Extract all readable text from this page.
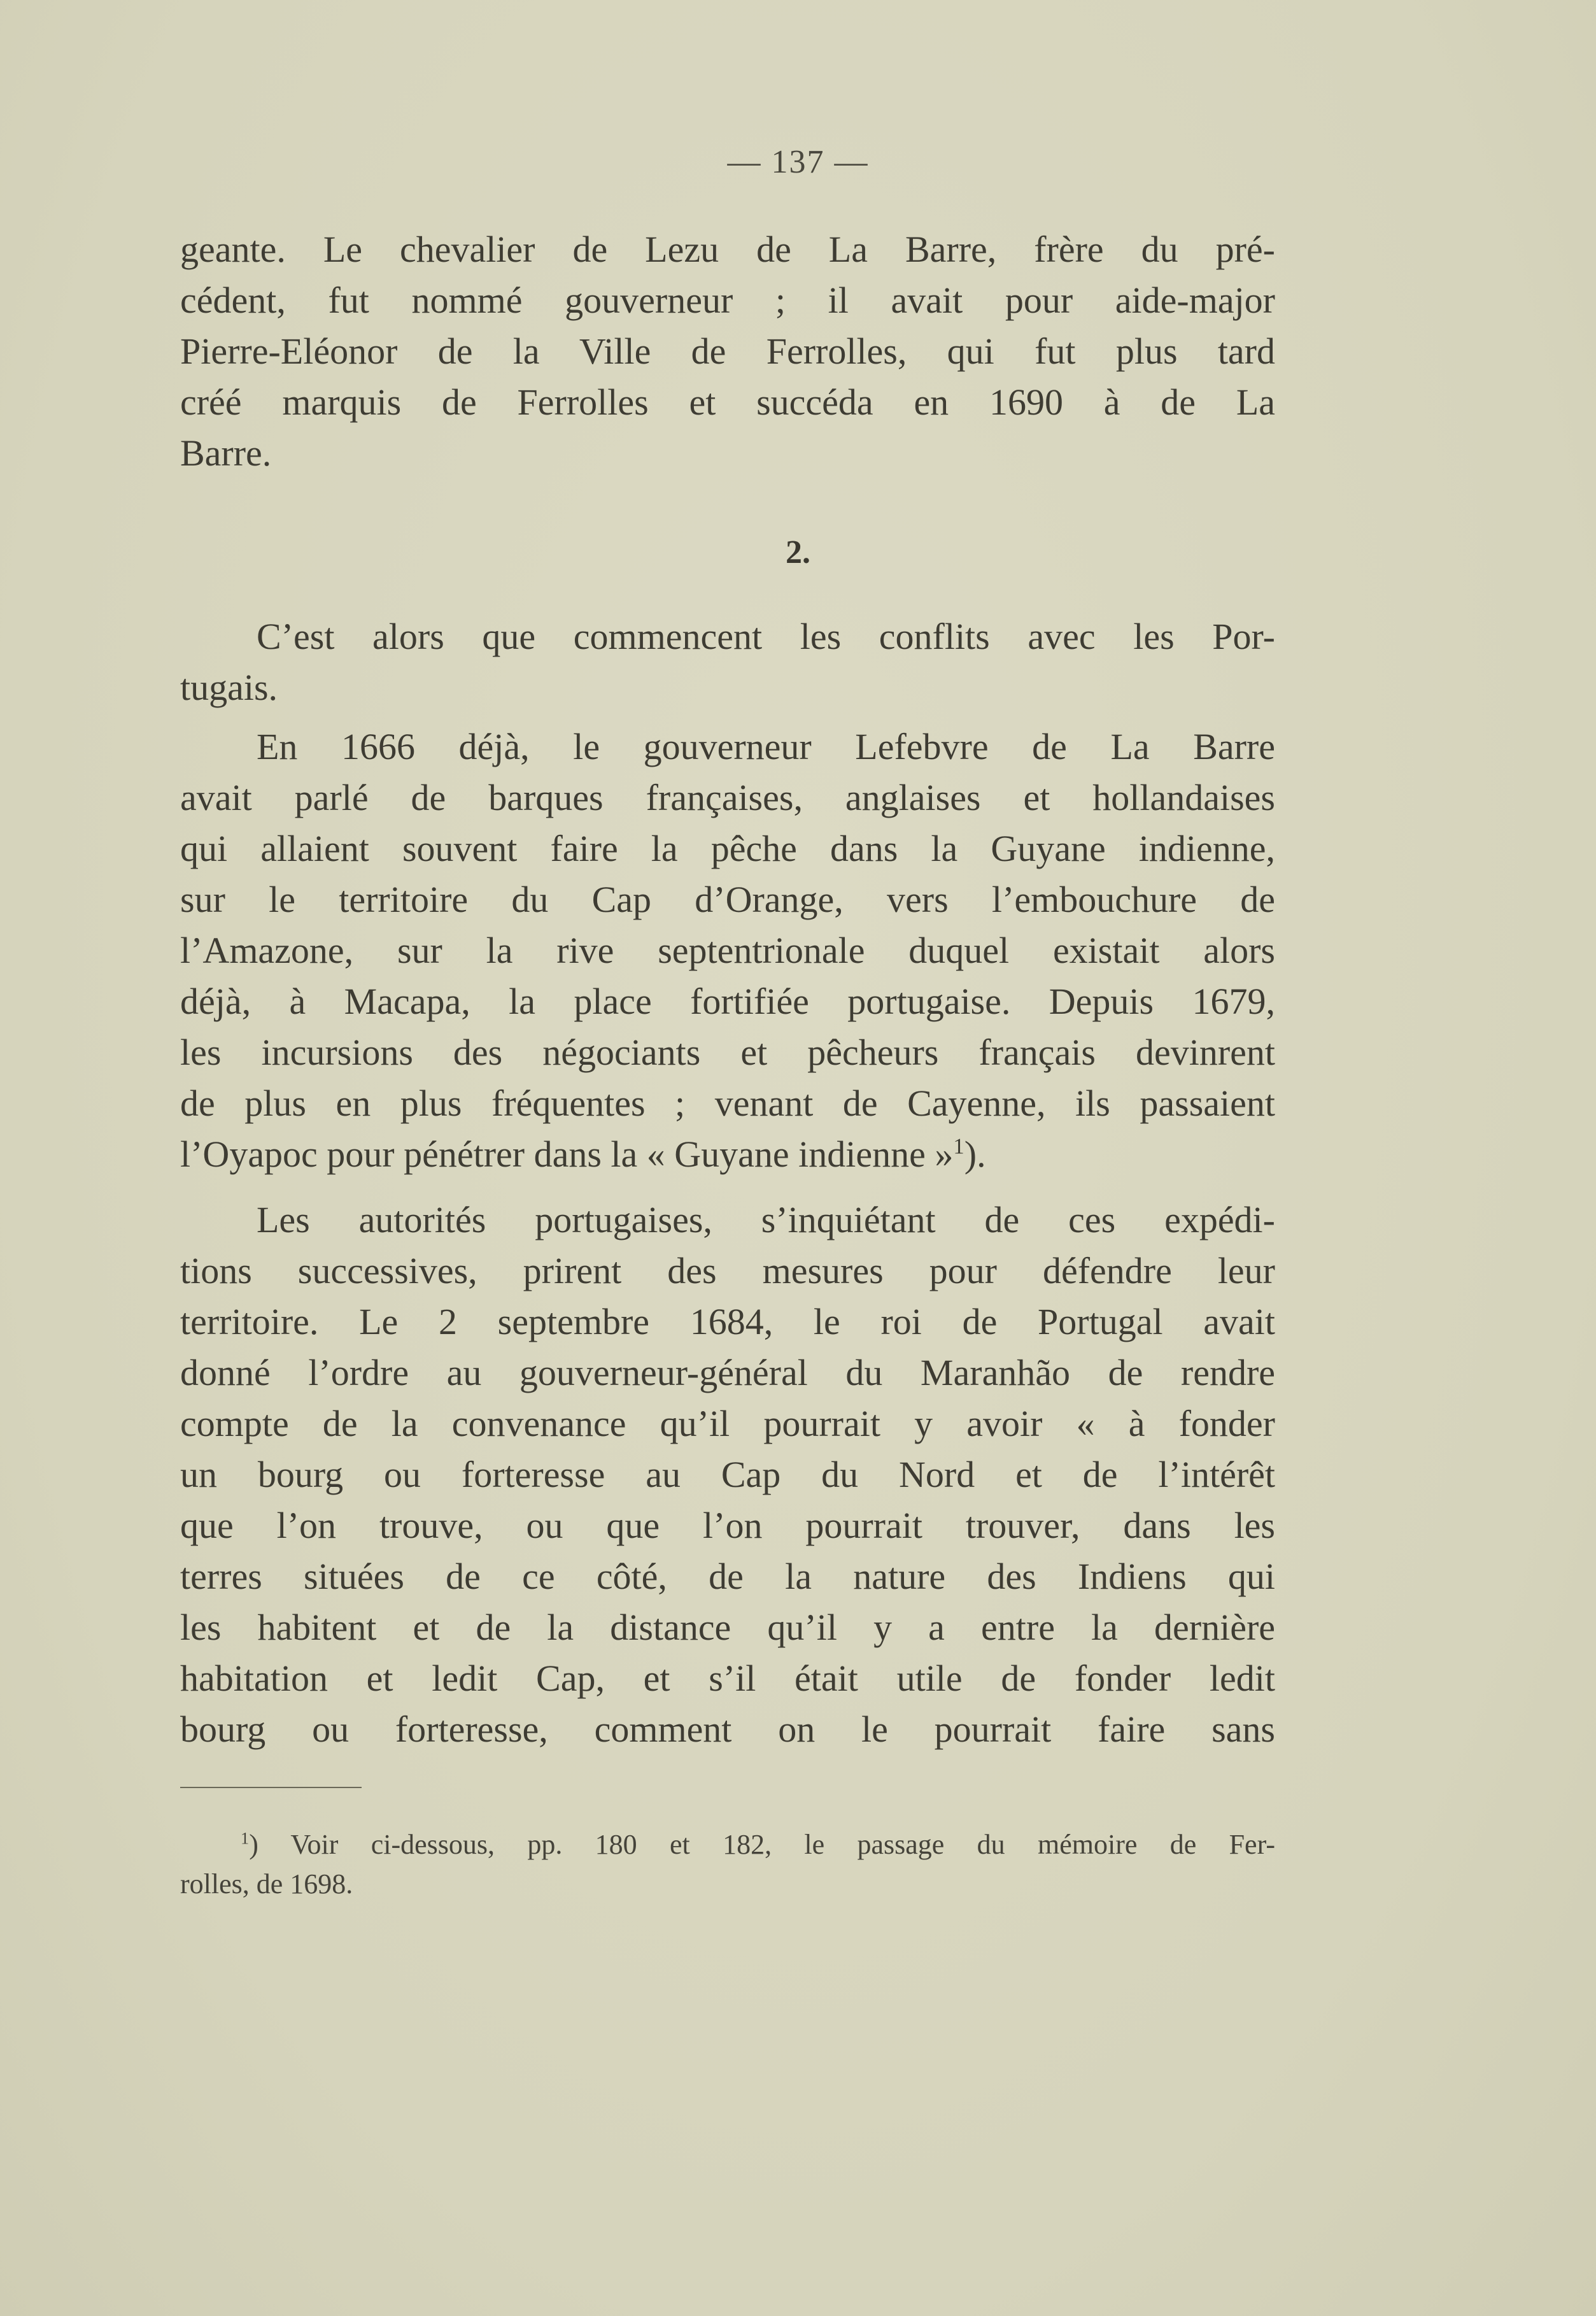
— 137 —
geante. Le chevalier de Lezu de La Barre, frère du pré-
cédent, fut nommé gouverneur ; il avait pour aide-major
Pierre-Eléonor de la Ville de Ferrolles, qui fut plus tard
créé marquis de Ferrolles et succéda en 1690 à de La
Barre.
2.
C’est alors que commencent les conflits avec les Por-
tugais.
En 1666 déjà, le gouverneur Lefebvre de La Barre
avait parlé de barques françaises, anglaises et hollandaises
qui allaient souvent faire la pêche dans la Guyane indienne,
sur le territoire du Cap d’Orange, vers l’embouchure de
l’Amazone, sur la rive septentrionale duquel existait alors
déjà, à Macapa, la place fortifiée portugaise. Depuis 1679,
les incursions des négociants et pêcheurs français devinrent
de plus en plus fréquentes ; venant de Cayenne, ils passaient
l’Oyapoc pour pénétrer dans la « Guyane indienne »$^1$).
Les autorités portugaises, s’inquiétant de ces expédi-
tions successives, prirent des mesures pour défendre leur
territoire. Le 2 septembre 1684, le roi de Portugal avait
donné l’ordre au gouverneur-général du Maranhão de rendre
compte de la convenance qu’il pourrait y avoir « à fonder
un bourg ou forteresse au Cap du Nord et de l’intérêt
que l’on trouve, ou que l’on pourrait trouver, dans les
terres situées de ce côté, de la nature des Indiens qui
les habitent et de la distance qu’il y a entre la dernière
habitation et ledit Cap, et s’il était utile de fonder ledit
bourg ou forteresse, comment on le pourrait faire sans
$^1$) Voir ci-dessous, pp. 180 et 182, le passage du mémoire de Fer-
rolles, de 1698.
